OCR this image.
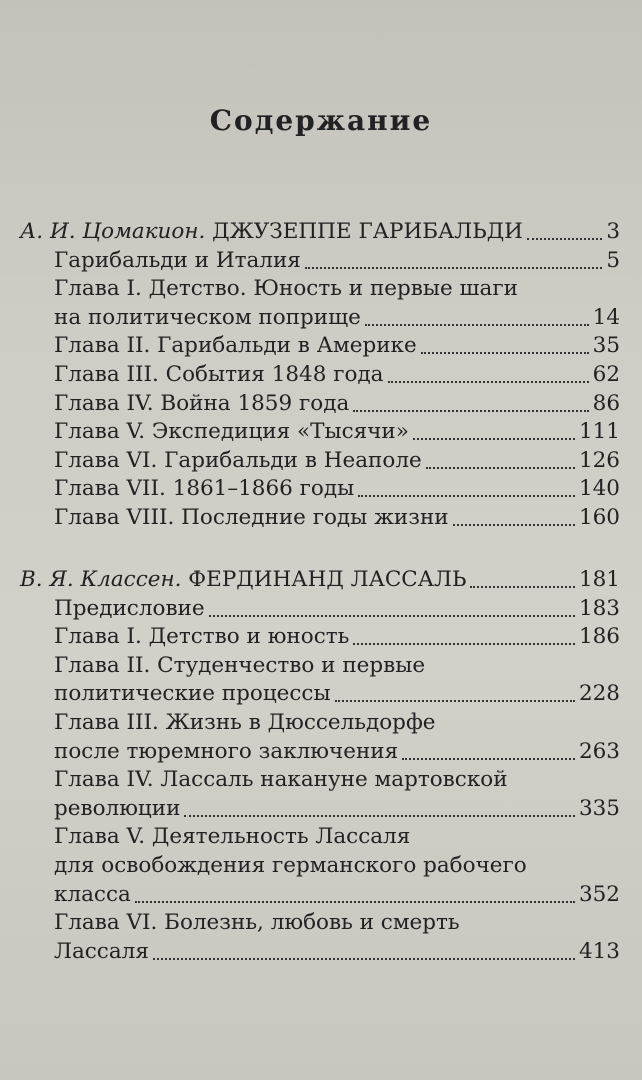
Содержание
А. И. Цомакион. ДЖУЗЕППЕ ГАРИБАЛЬДИ	3
Гарибальди и Италия	5
Глава I. Детство. Юность и первые шаги
на политическом поприще	14
Глава II. Гарибальди в Америке	35
Глава III. События 1848 года	62
Глава IV. Война 1859 года	86
Глава V. Экспедиция «Тысячи»	111
Глава VI. Гарибальди в Неаполе	126
Глава VII. 1861–1866 годы	140
Глава VIII. Последние годы жизни	160
В. Я. Классен. ФЕРДИНАНД ЛАССАЛЬ	181
Предисловие	183
Глава I. Детство и юность	186
Глава II. Студенчество и первые
политические процессы	228
Глава III. Жизнь в Дюссельдорфе
после тюремного заключения	263
Глава IV. Лассаль накануне мартовской
революции	335
Глава V. Деятельность Лассаля
для освобождения германского рабочего
класса	352
Глава VI. Болезнь, любовь и смерть
Лассаля	413
